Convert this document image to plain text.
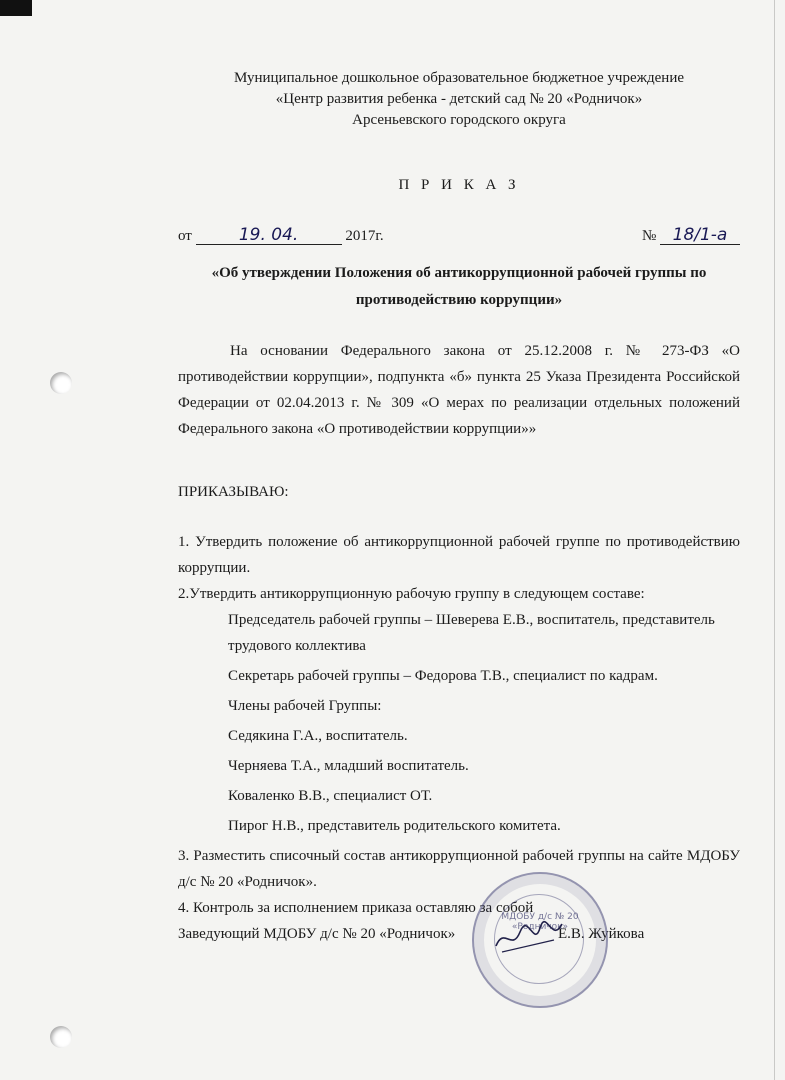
Муниципальное дошкольное образовательное бюджетное учреждение

«Центр развития ребенка - детский сад № 20 «Родничок»

Арсеньевского городского округа

П Р И К А З
от	19. 04.	2017г.	№ 18/1-а
«Об утверждении Положения об антикоррупционной рабочей группы по
противодействию коррупции»

На основании Федерального закона от 25.12.2008 г. № 273-ФЗ «О противодействии коррупции», подпункта «б» пункта 25 Указа Президента Российской Федерации от 02.04.2013 г. № 309 «О мерах по реализации отдельных положений Федерального закона «О противодействии коррупции»»

ПРИКАЗЫВАЮ:

1. Утвердить положение об антикоррупционной рабочей группе по противодействию коррупции.
2.Утвердить антикоррупционную рабочую группу в следующем составе:
Председатель рабочей группы – Шеверева Е.В., воспитатель, представитель трудового коллектива
Секретарь рабочей группы – Федорова Т.В., специалист по кадрам.
Члены рабочей Группы:
Седякина Г.А., воспитатель.
Черняева Т.А., младший воспитатель.
Коваленко В.В., специалист ОТ.
Пирог Н.В., представитель родительского комитета.
3. Разместить списочный состав антикоррупционной рабочей группы на сайте МДОБУ д/с № 20 «Родничок».
4. Контроль за исполнением приказа оставляю за собой
Заведующий МДОБУ д/с № 20 «Родничок»	Е.В. Жуйкова
МДОБУ д/с № 20 «Родничок»
